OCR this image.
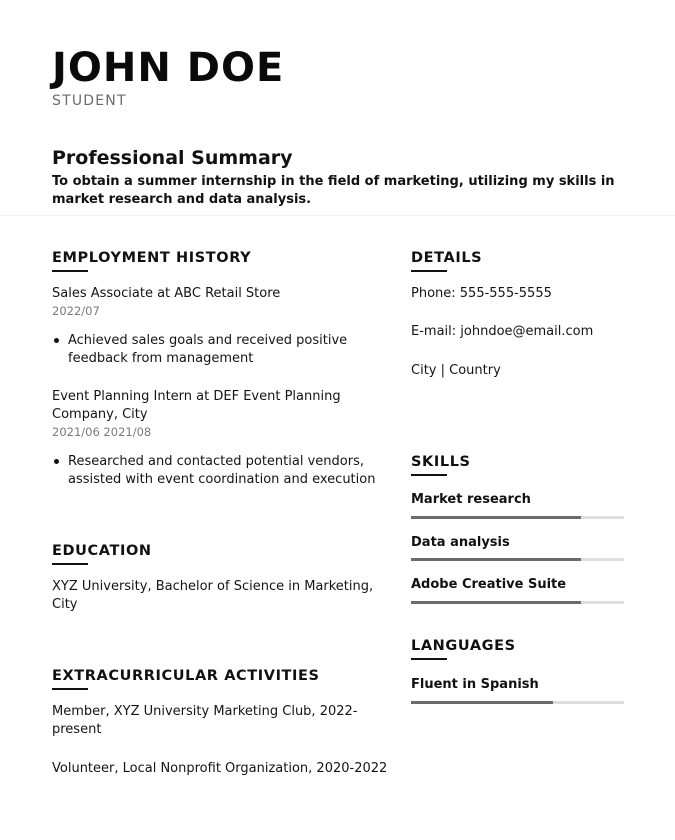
JOHN DOE
STUDENT
Professional Summary
To obtain a summer internship in the field of marketing, utilizing my skills in market research and data analysis.
EMPLOYMENT HISTORY
Sales Associate at ABC Retail Store
2022/07
Achieved sales goals and received positive feedback from management
Event Planning Intern at DEF Event Planning Company, City
2021/06 2021/08
Researched and contacted potential vendors, assisted with event coordination and execution
EDUCATION
XYZ University, Bachelor of Science in Marketing, City
EXTRACURRICULAR ACTIVITIES
Member, XYZ University Marketing Club, 2022-present
Volunteer, Local Nonprofit Organization, 2020-2022
DETAILS
Phone: 555-555-5555
E-mail: johndoe@email.com
City | Country
SKILLS
Market research
Data analysis
Adobe Creative Suite
LANGUAGES
Fluent in Spanish
